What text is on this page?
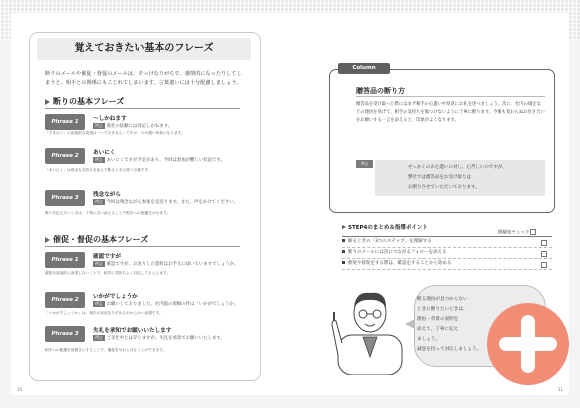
10
覚えておきたい基本のフレーズ
断りのメールや催促・督促のメールは、そっけなりがちで、感情的になったりしてしまうと、相手との関係にもこじれてしまいます。言葉遣いには十分配慮しましょう。
断りの基本フレーズ
Phrase 1	〜しかねます
例文 貴社の依頼には対応しかねます。
「できない」の直接的な表現は「〜できません」ですが、やや強い印象になります。
Phrase 2	あいにく
例文 あいにくですが予定があり、今回は参加が難しい状況です。
「あいにく」は残念な気持ちを添えて断るときに使う言葉です。
Phrase 3	残念ながら
例文 今回は残念ながら参加を見送ります。また、声をかけてください。
断りを伝えたいときは、丁寧に言い添えることで相手への配慮を示せます。
催促・督促の基本フレーズ
Phrase 1	確認ですが
例文 確認ですが、お送りした資料はお手元に届いていますでしょうか。
催促を直接的に表現しないことで、相手に気持ちよく対応してもらえます。
Phrase 2	いかがでしょうか
例文 お願いしておりました、社内報の原稿の件は「いかがでしょうか。
「いかがでしょうか」は、相手の状況をたずねるやわらかい表現です。
Phrase 3	失礼を承知でお願いいたします
例文 ご多忙中とは存じますが、失礼を承知でお願いいたします。
相手への配慮を前置きにすることで、催促をやわらげることができます。
11
Column
贈答品の断り方
贈答品を受け取った際にはまず相手の心遣いや厚意にお礼を述べましょう。次に、社内の規定などの理由を挙げて、相手の気持ちを傷つけないように丁寧に断ります。今後も変わらぬお付き合いをお願いする一言を添えると、印象がよくなります。
例文
せっかくのお心遣いに対し、心苦しいのですが、
弊社では贈答品をお受け取りは
お断りさせていただいております。
STEP4のまとめ＆指導ポイント
理解度チェック
断るときの「3つのステップ」を理解する
断りのメールには次につながるフォローを添える
催促や督促をする際は、確認をすることから始める
断る理由が見つからない
ときに断りたいときは、
理由・背景の説明を
添えて、丁寧に伝え
ましょう。
誠意を持って対応しましょう。
